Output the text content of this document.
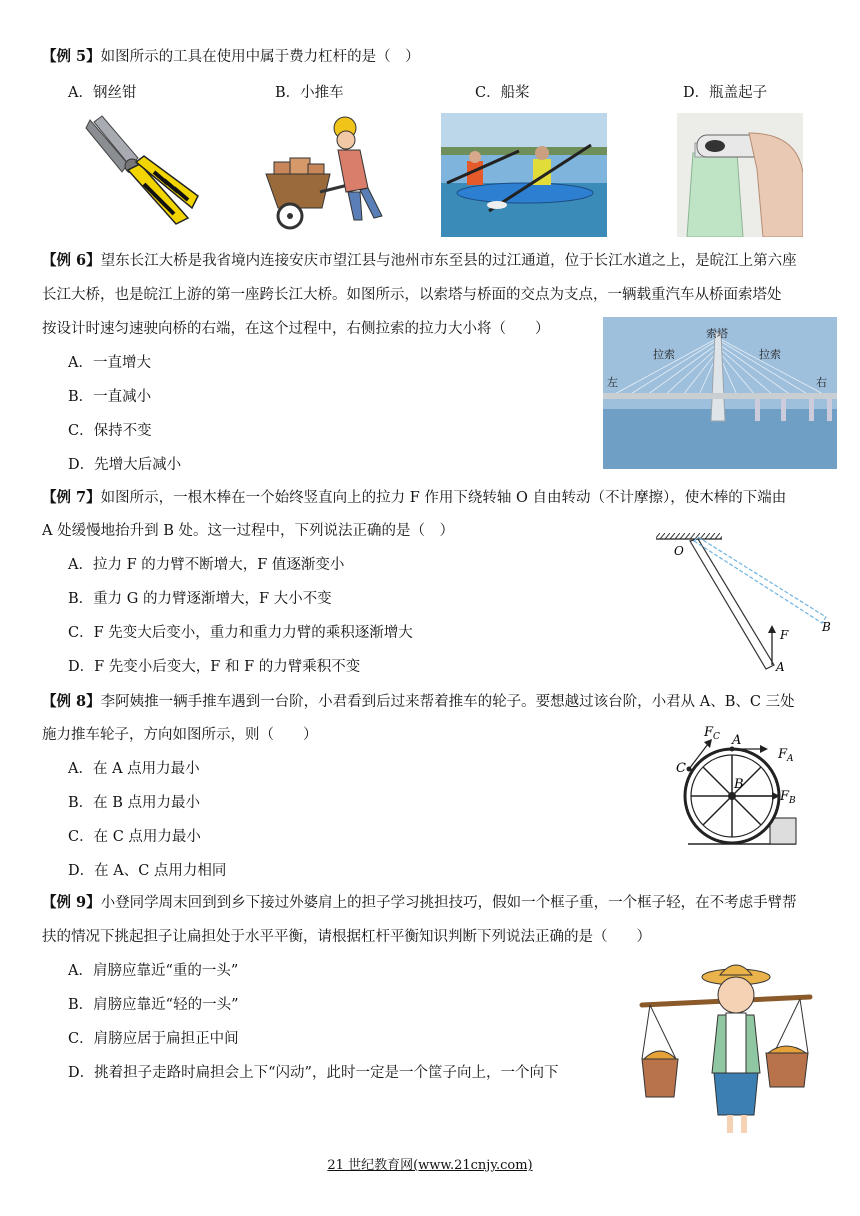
【例 5】如图所示的工具在使用中属于费力杠杆的是（　）
A．钢丝钳	B．小推车	C．船桨	D．瓶盖起子
【例 6】望东长江大桥是我省境内连接安庆市望江县与池州市东至县的过江通道，位于长江水道之上，是皖江上第六座
长江大桥，也是皖江上游的第一座跨长江大桥。如图所示，以索塔与桥面的交点为支点，一辆载重汽车从桥面索塔处
按设计时速匀速驶向桥的右端，在这个过程中，右侧拉索的拉力大小将（　　）
A．一直增大
B．一直减小
C．保持不变
D．先增大后减小
索塔
拉索	拉索
左	右
【例 7】如图所示，一根木棒在一个始终竖直向上的拉力 F 作用下绕转轴 O 自由转动（不计摩擦），使木棒的下端由
A 处缓慢地抬升到 B 处。这一过程中，下列说法正确的是（　）
A．拉力 F 的力臂不断增大，F 值逐渐变小
B．重力 G 的力臂逐渐增大，F 大小不变
C．F 先变大后变小，重力和重力力臂的乘积逐渐增大
D．F 先变小后变大，F 和 F 的力臂乘积不变
O
A
B
F
【例 8】李阿姨推一辆手推车遇到一台阶，小君看到后过来帮着推车的轮子。要想越过该台阶，小君从 A、B、C 三处
施力推车轮子，方向如图所示，则（　　）
A．在 A 点用力最小
B．在 B 点用力最小
C．在 C 点用力最小
D．在 A、C 点用力相同
A
B
C
$F_A$
$F_B$
$F_C$
【例 9】小登同学周末回到到乡下接过外婆肩上的担子学习挑担技巧，假如一个框子重，一个框子轻，在不考虑手臂帮
扶的情况下挑起担子让扁担处于水平平衡，请根据杠杆平衡知识判断下列说法正确的是（　　）
A．肩膀应靠近“重的一头”
B．肩膀应靠近“轻的一头”
C．肩膀应居于扁担正中间
D．挑着担子走路时扁担会上下“闪动”，此时一定是一个筐子向上，一个向下
21 世纪教育网(www.21cnjy.com)
